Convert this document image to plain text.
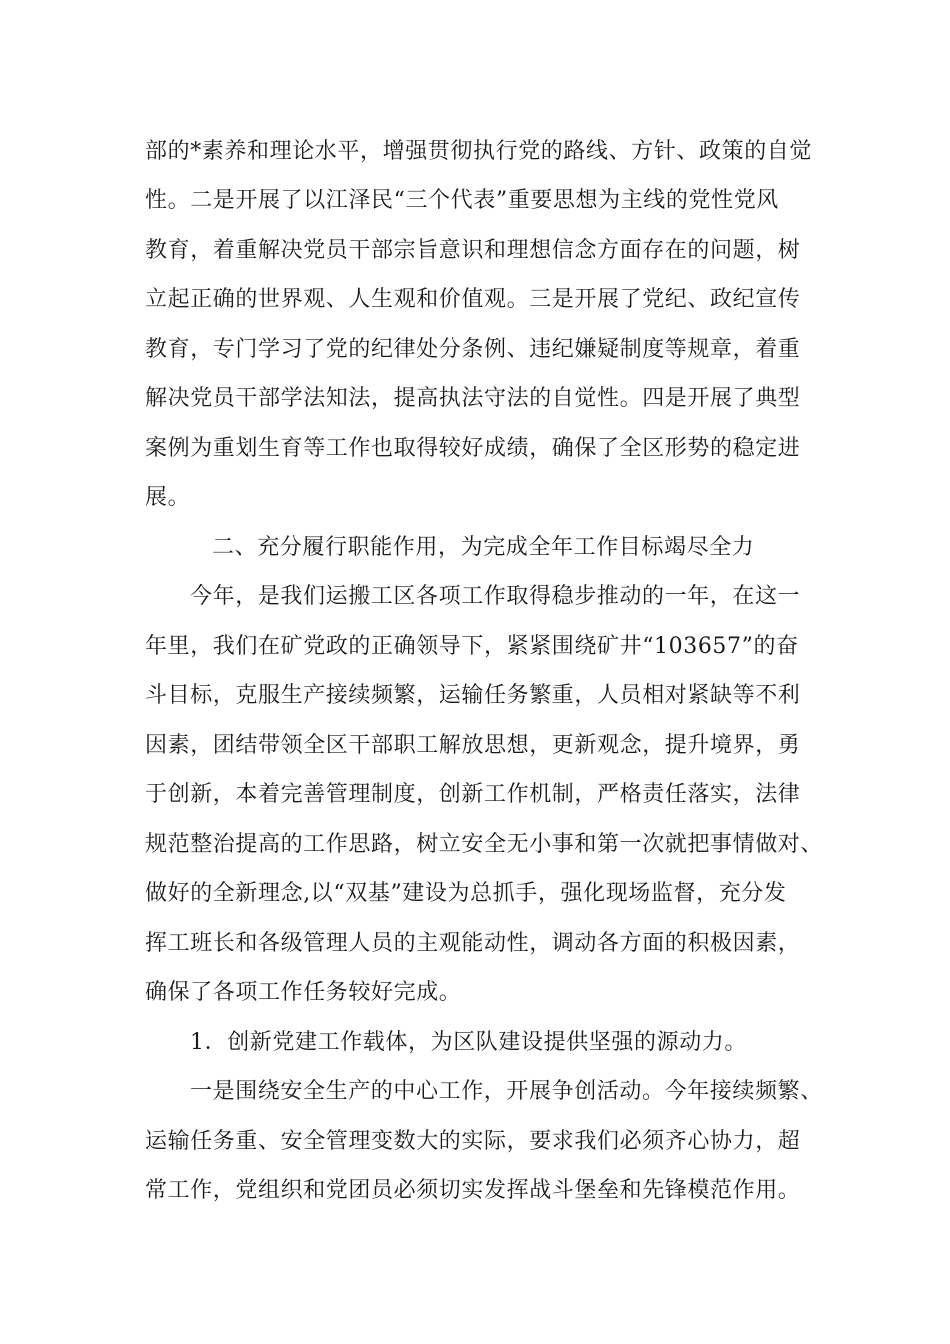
部的*素养和理论水平，增强贯彻执行党的路线、方针、政策的自觉
性。二是开展了以江泽民“三个代表”重要思想为主线的党性党风
教育，着重解决党员干部宗旨意识和理想信念方面存在的问题，树
立起正确的世界观、人生观和价值观。三是开展了党纪、政纪宣传
教育，专门学习了党的纪律处分条例、违纪嫌疑制度等规章，着重
解决党员干部学法知法，提高执法守法的自觉性。四是开展了典型
案例为重划生育等工作也取得较好成绩，确保了全区形势的稳定进
展。
二、充分履行职能作用，为完成全年工作目标竭尽全力
今年，是我们运搬工区各项工作取得稳步推动的一年，在这一
年里，我们在矿党政的正确领导下，紧紧围绕矿井“103657”的奋
斗目标，克服生产接续频繁，运输任务繁重，人员相对紧缺等不利
因素，团结带领全区干部职工解放思想，更新观念，提升境界，勇
于创新，本着完善管理制度，创新工作机制，严格责任落实，法律
规范整治提高的工作思路，树立安全无小事和第一次就把事情做对、
做好的全新理念,以“双基”建设为总抓手，强化现场监督，充分发
挥工班长和各级管理人员的主观能动性，调动各方面的积极因素，
确保了各项工作任务较好完成。
1．创新党建工作载体，为区队建设提供坚强的源动力。
一是围绕安全生产的中心工作，开展争创活动。今年接续频繁、
运输任务重、安全管理变数大的实际，要求我们必须齐心协力，超
常工作，党组织和党团员必须切实发挥战斗堡垒和先锋模范作用。
